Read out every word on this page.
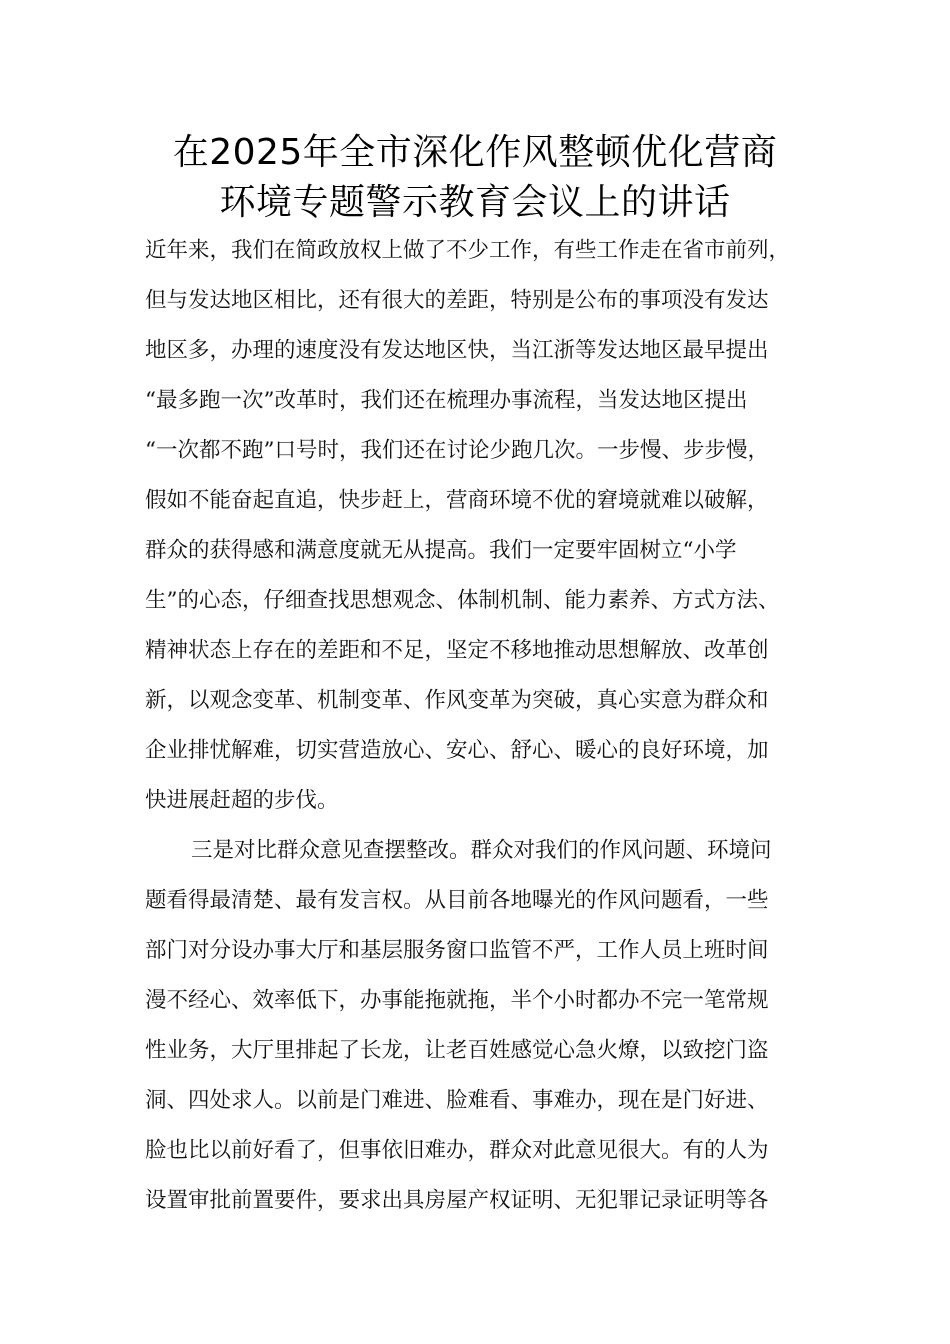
在2025年全市深化作风整顿优化营商
环境专题警示教育会议上的讲话
近年来，我们在简政放权上做了不少工作，有些工作走在省市前列，
但与发达地区相比，还有很大的差距，特别是公布的事项没有发达
地区多，办理的速度没有发达地区快，当江浙等发达地区最早提出
“最多跑一次”改革时，我们还在梳理办事流程，当发达地区提出
“一次都不跑”口号时，我们还在讨论少跑几次。一步慢、步步慢，
假如不能奋起直追，快步赶上，营商环境不优的窘境就难以破解，
群众的获得感和满意度就无从提高。我们一定要牢固树立“小学
生”的心态，仔细查找思想观念、体制机制、能力素养、方式方法、
精神状态上存在的差距和不足，坚定不移地推动思想解放、改革创
新，以观念变革、机制变革、作风变革为突破，真心实意为群众和
企业排忧解难，切实营造放心、安心、舒心、暖心的良好环境，加
快进展赶超的步伐。
三是对比群众意见查摆整改。群众对我们的作风问题、环境问
题看得最清楚、最有发言权。从目前各地曝光的作风问题看，一些
部门对分设办事大厅和基层服务窗口监管不严，工作人员上班时间
漫不经心、效率低下，办事能拖就拖，半个小时都办不完一笔常规
性业务，大厅里排起了长龙，让老百姓感觉心急火燎，以致挖门盗
洞、四处求人。以前是门难进、脸难看、事难办，现在是门好进、
脸也比以前好看了，但事依旧难办，群众对此意见很大。有的人为
设置审批前置要件，要求出具房屋产权证明、无犯罪记录证明等各
